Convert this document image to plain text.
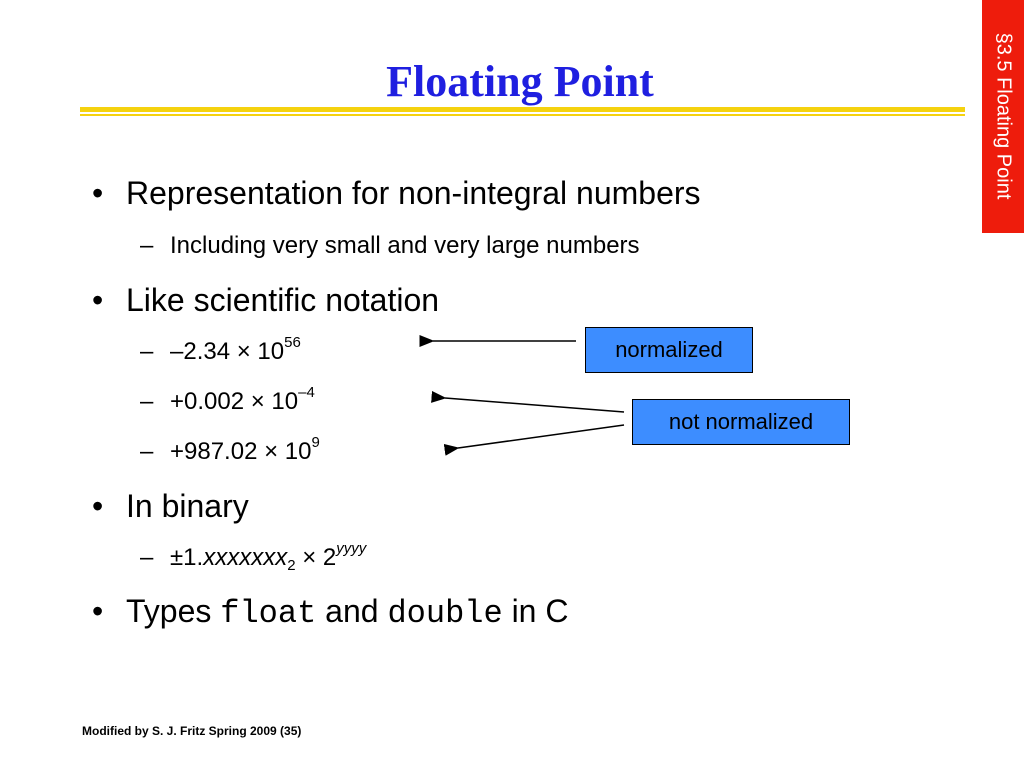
Floating Point	§3.5 Floating Point
• Representation for non-integral numbers
– Including very small and very large numbers
• Like scientific notation
– $-2.34 \times 10^{56}$
– $+0.002 \times 10^{-4}$
– $+987.02 \times 10^9$
• In binary
– ±1.xxxxxxx$_2$ × $2^{yyyy}$
• Types float and double in C
normalized
not normalized
Modified by S. J. Fritz Spring 2009 (35)
